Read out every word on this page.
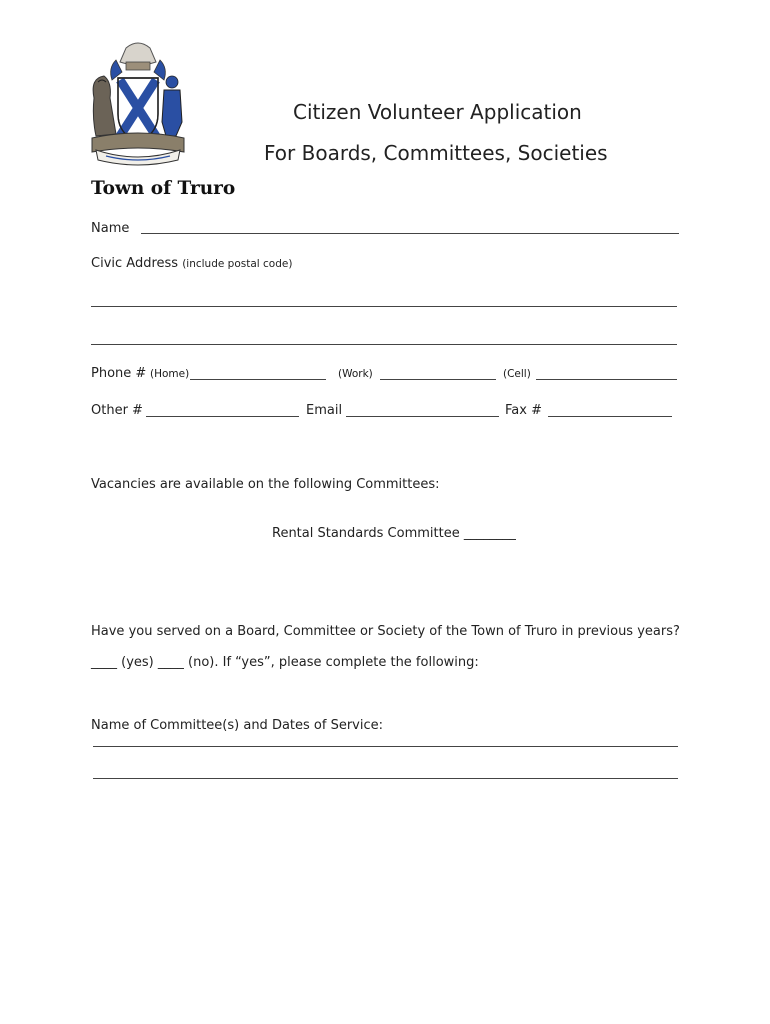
Citizen Volunteer Application
For Boards, Committees, Societies
Town of Truro
Name
Civic Address (include postal code)
Phone # (Home)	(Work)	(Cell)
Other #	Email	Fax #
Vacancies are available on the following Committees:
Rental Standards Committee ________
Have you served on a Board, Committee or Society of the Town of Truro in previous years?
____ (yes) ____ (no). If “yes”, please complete the following:
Name of Committee(s) and Dates of Service:
